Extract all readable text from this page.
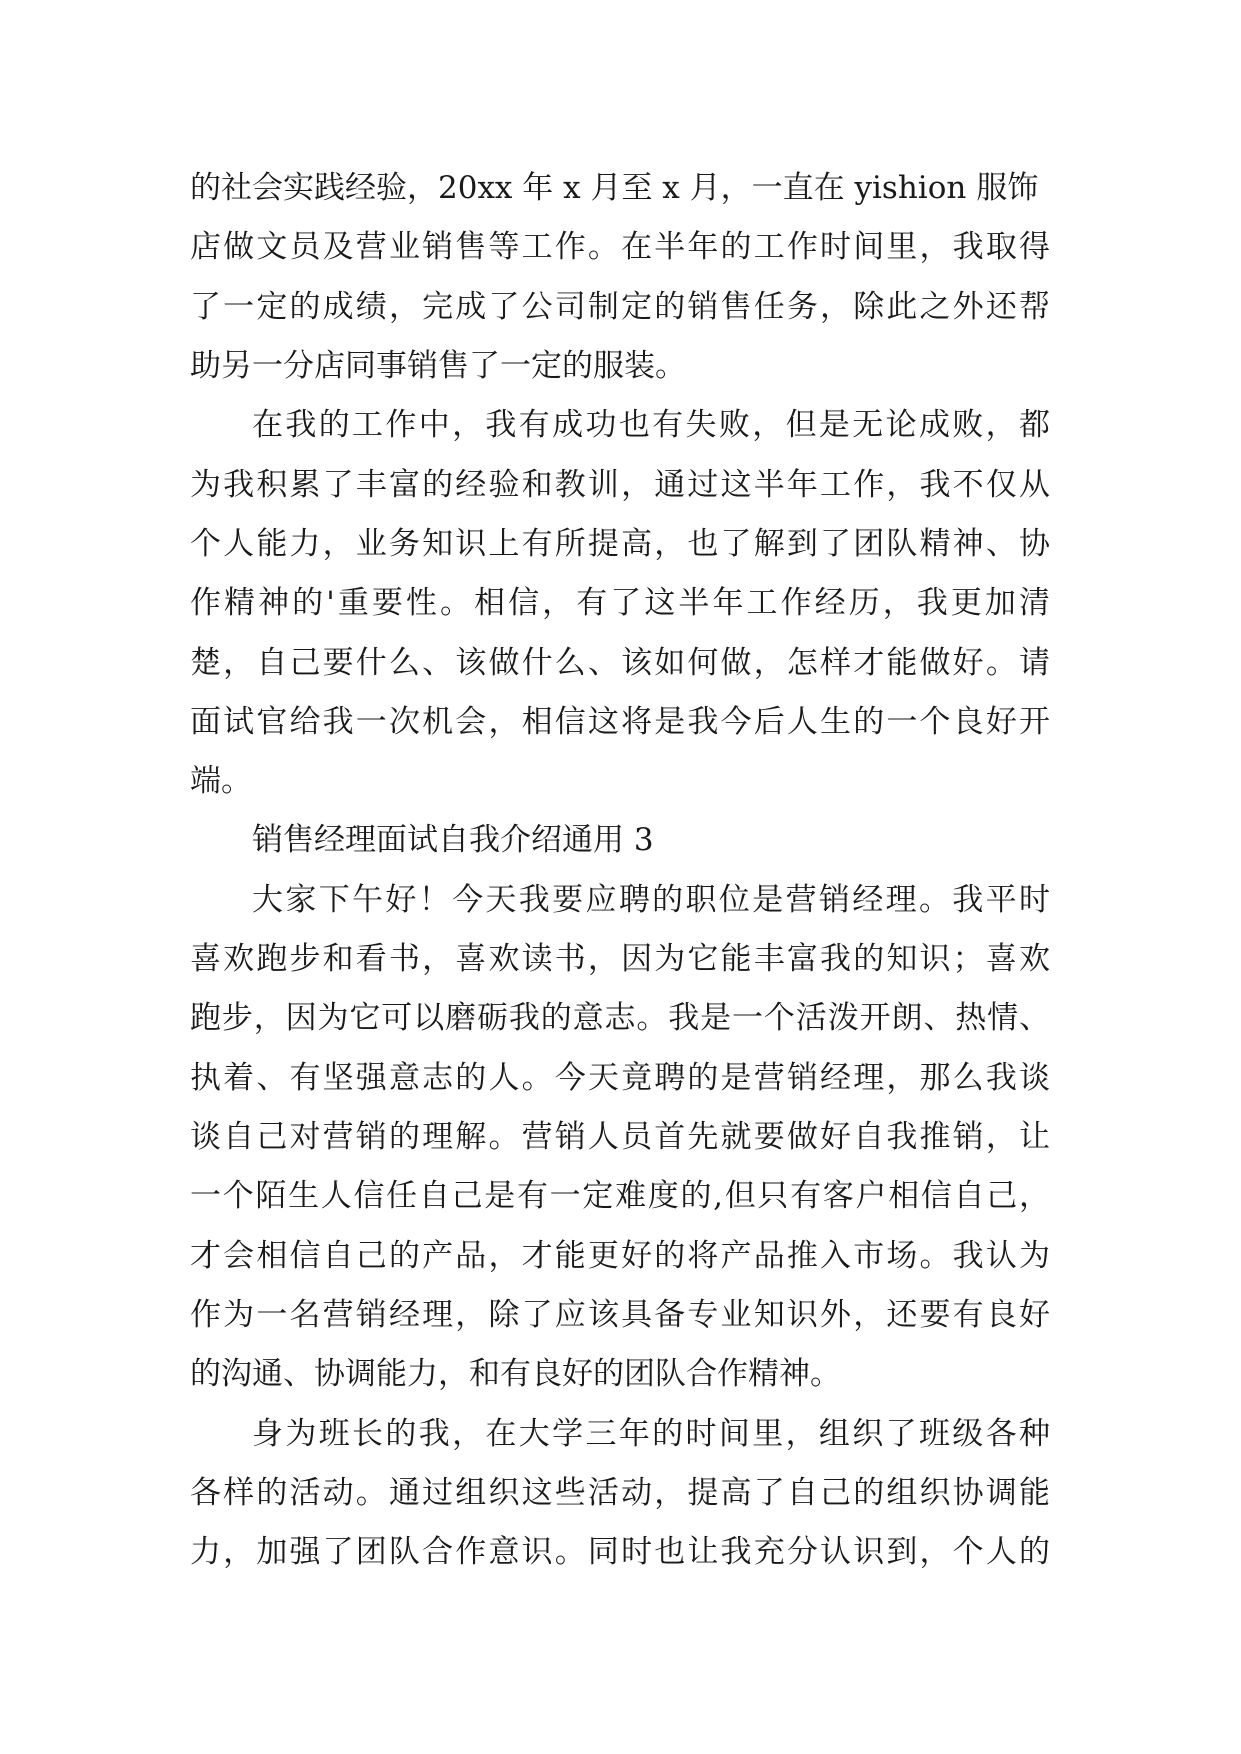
的社会实践经验，20xx 年 x 月至 x 月，一直在 yishion 服饰
店做文员及营业销售等工作。在半年的工作时间里，我取得
了一定的成绩，完成了公司制定的销售任务，除此之外还帮
助另一分店同事销售了一定的服装。
在我的工作中，我有成功也有失败，但是无论成败，都
为我积累了丰富的经验和教训，通过这半年工作，我不仅从
个人能力，业务知识上有所提高，也了解到了团队精神、协
作精神的'重要性。相信，有了这半年工作经历，我更加清
楚，自己要什么、该做什么、该如何做，怎样才能做好。请
面试官给我一次机会，相信这将是我今后人生的一个良好开
端。
销售经理面试自我介绍通用 3
大家下午好！今天我要应聘的职位是营销经理。我平时
喜欢跑步和看书，喜欢读书，因为它能丰富我的知识；喜欢
跑步，因为它可以磨砺我的意志。我是一个活泼开朗、热情、
执着、有坚强意志的人。今天竟聘的是营销经理，那么我谈
谈自己对营销的理解。营销人员首先就要做好自我推销，让
一个陌生人信任自己是有一定难度的,但只有客户相信自己，
才会相信自己的产品，才能更好的将产品推入市场。我认为
作为一名营销经理，除了应该具备专业知识外，还要有良好
的沟通、协调能力，和有良好的团队合作精神。
身为班长的我，在大学三年的时间里，组织了班级各种
各样的活动。通过组织这些活动，提高了自己的组织协调能
力，加强了团队合作意识。同时也让我充分认识到，个人的
